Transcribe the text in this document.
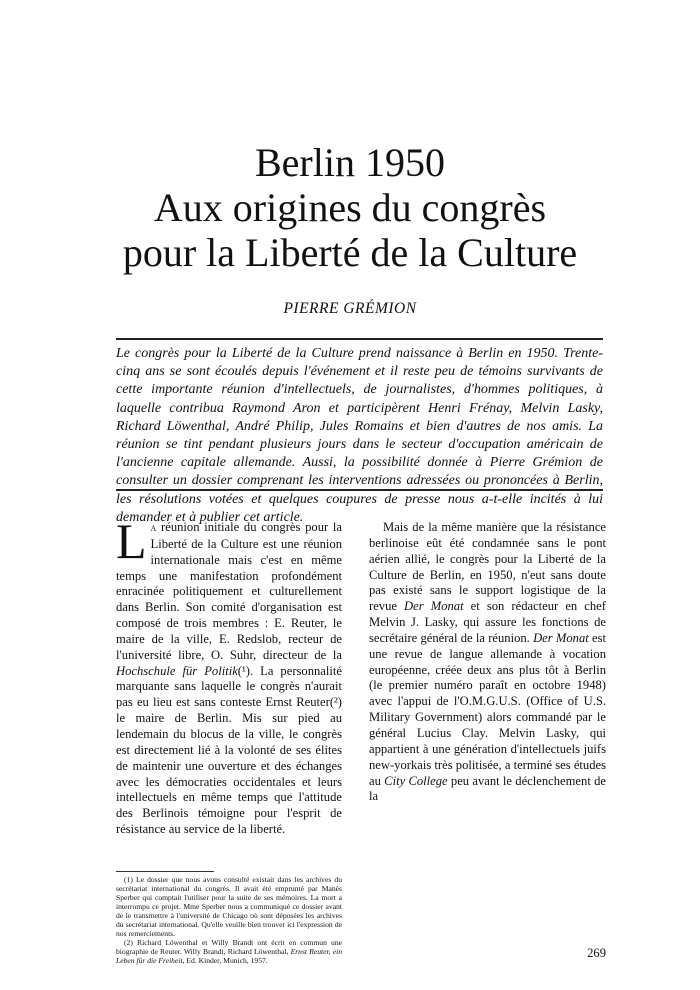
Berlin 1950
Aux origines du congrès
pour la Liberté de la Culture
PIERRE GRÉMION

Le congrès pour la Liberté de la Culture prend naissance à Berlin en 1950. Trente-cinq ans se sont écoulés depuis l'événement et il reste peu de témoins survivants de cette importante réunion d'intellectuels, de journalistes, d'hommes politiques, à laquelle contribua Raymond Aron et participèrent Henri Frénay, Melvin Lasky, Richard Löwenthal, André Philip, Jules Romains et bien d'autres de nos amis. La réunion se tint pendant plusieurs jours dans le secteur d'occupation américain de l'ancienne capitale allemande. Aussi, la possibilité donnée à Pierre Grémion de consulter un dossier comprenant les interventions adressées ou prononcées à Berlin, les résolutions votées et quelques coupures de presse nous a-t-elle incités à lui demander et à publier cet article.

La réunion initiale du congrès pour la Liberté de la Culture est une réunion internationale mais c'est en même temps une manifestation profondément enracinée politiquement et culturellement dans Berlin. Son comité d'organisation est composé de trois membres : E. Reuter, le maire de la ville, E. Redslob, recteur de l'université libre, O. Suhr, directeur de la Hochschule für Politik(¹). La personnalité marquante sans laquelle le congrès n'aurait pas eu lieu est sans conteste Ernst Reuter(²) le maire de Berlin. Mis sur pied au lendemain du blocus de la ville, le congrès est directement lié à la volonté de ses élites de maintenir une ouverture et des échanges avec les démocraties occidentales et leurs intellectuels en même temps que l'attitude des Berlinois témoigne pour l'esprit de résistance au service de la liberté.

Mais de la même manière que la résistance berlinoise eût été condamnée sans le pont aérien allié, le congrès pour la Liberté de la Culture de Berlin, en 1950, n'eut sans doute pas existé sans le support logistique de la revue Der Monat et son rédacteur en chef Melvin J. Lasky, qui assure les fonctions de secrétaire général de la réunion. Der Monat est une revue de langue allemande à vocation européenne, créée deux ans plus tôt à Berlin (le premier numéro paraît en octobre 1948) avec l'appui de l'O.M.G.U.S. (Office of U.S. Military Government) alors commandé par le général Lucius Clay. Melvin Lasky, qui appartient à une génération d'intellectuels juifs new-yorkais très politisée, a terminé ses études au City College peu avant le déclenchement de la

(1) Le dossier que nous avons consulté existait dans les archives du secrétariat international du congrès. Il avait été emprunté par Manès Sperber qui comptait l'utiliser pour la suite de ses mémoires. La mort a interrompu ce projet. Mme Sperber nous a communiqué ce dossier avant de le transmettre à l'université de Chicago où sont déposées les archives du secrétariat international. Qu'elle veuille bien trouver ici l'expression de nos remerciements.

(2) Richard Löwenthal et Willy Brandt ont écrit en commun une biographie de Reuter. Willy Brandt, Richard Löwenthal, Ernst Reuter, ein Leben für die Freiheit, Ed. Kinder, Munich, 1957.

269
